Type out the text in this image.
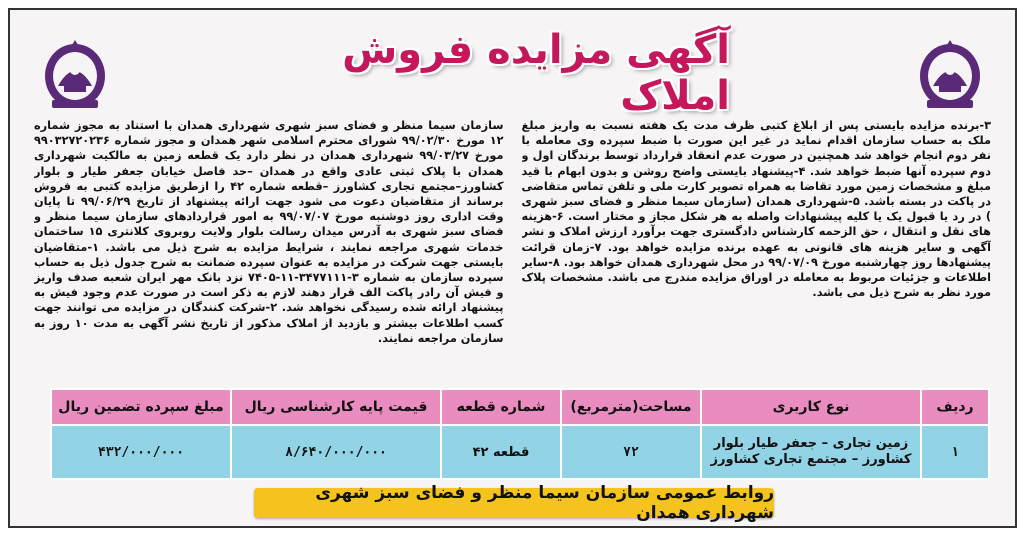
آگهی مزایده فروش املاک

سازمان سیما منظر و فضای سبز شهری شهرداری همدان با استناد به مجوز شماره ۱۲ مورخ ۹۹/۰۲/۳۰ شورای محترم اسلامی شهر همدان و مجوز شماره ۹۹۰۳۲۷۲۰۲۳۶ مورخ ۹۹/۰۳/۲۷ شهرداری همدان در نظر دارد یک قطعه زمین به مالکیت شهرداری همدان با پلاک ثبتی عادی واقع در همدان –حد فاصل خیابان جعفر طیار و بلوار کشاورز–مجتمع تجاری کشاورز –قطعه شماره ۴۲ را ازطریق مزایده کتبی به فروش برساند از متقاضیان دعوت می شود جهت ارائه پیشنهاد از تاریخ ۹۹/۰۶/۲۹ تا پایان وقت اداری روز دوشنبه مورخ ۹۹/۰۷/۰۷ به امور قراردادهای سازمان سیما منظر و فضای سبز شهری به آدرس میدان رسالت بلوار ولایت روبروی کلانتری ۱۵ ساختمان خدمات شهری مراجعه نمایند ، شرایط مزایده به شرح ذیل می باشد. ۱-متقاضیان بایستی جهت شرکت در مزایده به عنوان سپرده ضمانت به شرح جدول ذیل به حساب سپرده سازمان به شماره ۳-۳۴۷۷۱۱۱-۱۱-۷۴۰۵ نزد بانک مهر ایران شعبه صدف واریز و فیش آن رادر پاکت الف قرار دهند لازم به ذکر است در صورت عدم وجود فیش به پیشنهاد ارائه شده رسیدگی نخواهد شد. ۲-شرکت کنندگان در مزایده می توانند جهت کسب اطلاعات بیشتر و بازدید از املاک مذکور از تاریخ نشر آگهی به مدت ۱۰ روز به سازمان مراجعه نمایند.

۳-برنده مزایده بایستی پس از ابلاغ کتبی ظرف مدت یک هفته نسبت به واریز مبلغ ملک به حساب سازمان اقدام نماید در غیر این صورت با ضبط سپرده وی معامله با نفر دوم انجام خواهد شد همچنین در صورت عدم انعقاد قرارداد توسط برندگان اول و دوم سپرده آنها ضبط خواهد شد. ۴-پیشنهاد بایستی واضح روشن و بدون ابهام با قید مبلغ و مشخصات زمین مورد تقاضا به همراه تصویر کارت ملی و تلفن تماس متقاضی در پاکت در بسته باشد. ۵-شهرداری همدان (سازمان سیما منظر و فضای سبز شهری ) در رد یا قبول یک یا کلیه پیشنهادات واصله به هر شکل مجاز و مختار است. ۶-هزینه های نقل و انتقال ، حق الزحمه کارشناس دادگستری جهت برآورد ارزش املاک و نشر آگهی و سایر هزینه های قانونی به عهده برنده مزایده خواهد بود. ۷-زمان قرائت پیشنهادها روز چهارشنبه مورخ ۹۹/۰۷/۰۹ در محل شهرداری همدان خواهد بود. ۸-سایر اطلاعات و جزئیات مربوط به معامله در اوراق مزایده مندرج می باشد. مشخصات پلاک مورد نظر به شرح ذیل می باشد.

ردیف	نوع کاربری	مساحت(مترمربع)	شماره قطعه	قیمت پایه کارشناسی ریال	مبلغ سپرده تضمین ریال
۱	زمین تجاری – جعفر طیار بلوار کشاورز – مجتمع تجاری کشاورز	۷۲	قطعه ۴۲	۸/۶۴۰/۰۰۰/۰۰۰	۴۳۲/۰۰۰/۰۰۰
روابط عمومی سازمان سیما منظر و فضای سبز شهری شهرداری همدان
